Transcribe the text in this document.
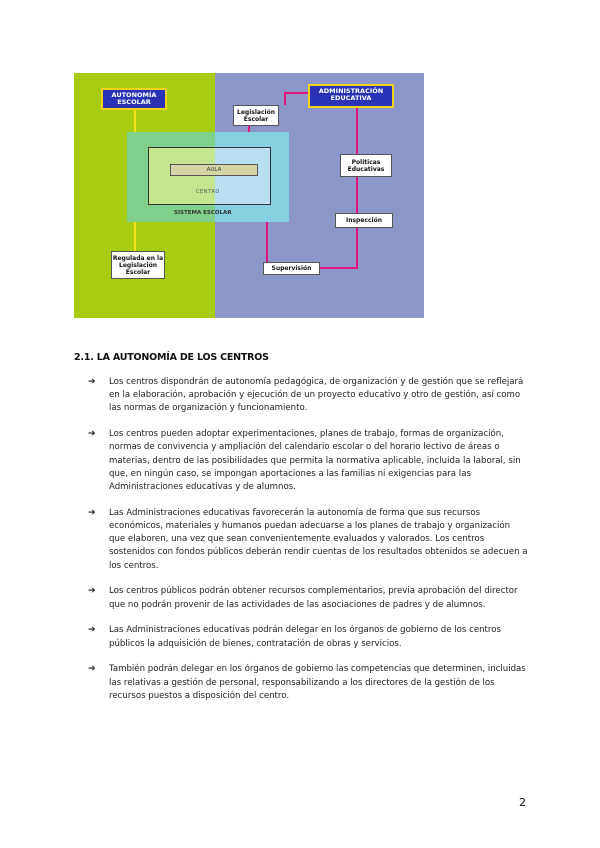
AULA
CENTRO
SISTEMA ESCOLAR
AUTONOMÍA ESCOLAR
ADMINISTRACIÓN EDUCATIVA
Legislación Escolar
Políticas Educativas
Inspección
Supervisión
Regulada en la Legislación Escolar
2.1. LA AUTONOMÍA DE LOS CENTROS
➔ Los centros dispondrán de autonomía pedagógica, de organización y de gestión que se reflejará en la elaboración, aprobación y ejecución de un proyecto educativo y otro de gestión, así como las normas de organización y funcionamiento.
➔ Los centros pueden adoptar experimentaciones, planes de trabajo, formas de organización, normas de convivencia y ampliación del calendario escolar o del horario lectivo de áreas o materias, dentro de las posibilidades que permita la normativa aplicable, incluida la laboral, sin que, en ningún caso, se impongan aportaciones a las familias ni exigencias para las Administraciones educativas y de alumnos.
➔ Las Administraciones educativas favorecerán la autonomía de forma que sus recursos económicos, materiales y humanos puedan adecuarse a los planes de trabajo y organización que elaboren, una vez que sean convenientemente evaluados y valorados. Los centros sostenidos con fondos públicos deberán rendir cuentas de los resultados obtenidos se adecuen a los centros.
➔ Los centros públicos podrán obtener recursos complementarios, previa aprobación del director que no podrán provenir de las actividades de las asociaciones de padres y de alumnos.
➔ Las Administraciones educativas podrán delegar en los órganos de gobierno de los centros públicos la adquisición de bienes, contratación de obras y servicios.
➔ También podrán delegar en los órganos de gobierno las competencias que determinen, incluidas las relativas a gestión de personal, responsabilizando a los directores de la gestión de los recursos puestos a disposición del centro.
2
